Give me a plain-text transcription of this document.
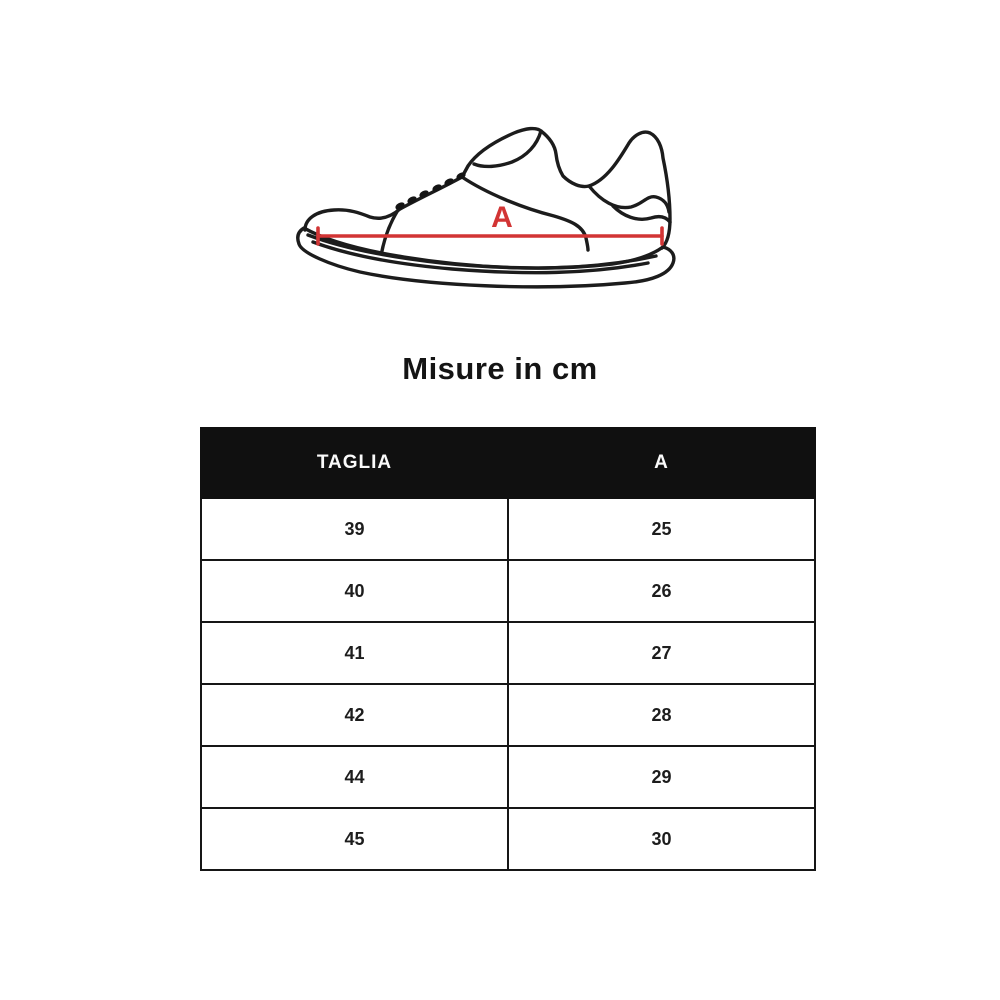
A
Misure in cm
TAGLIA	A
39	25
40	26
41	27
42	28
44	29
45	30
